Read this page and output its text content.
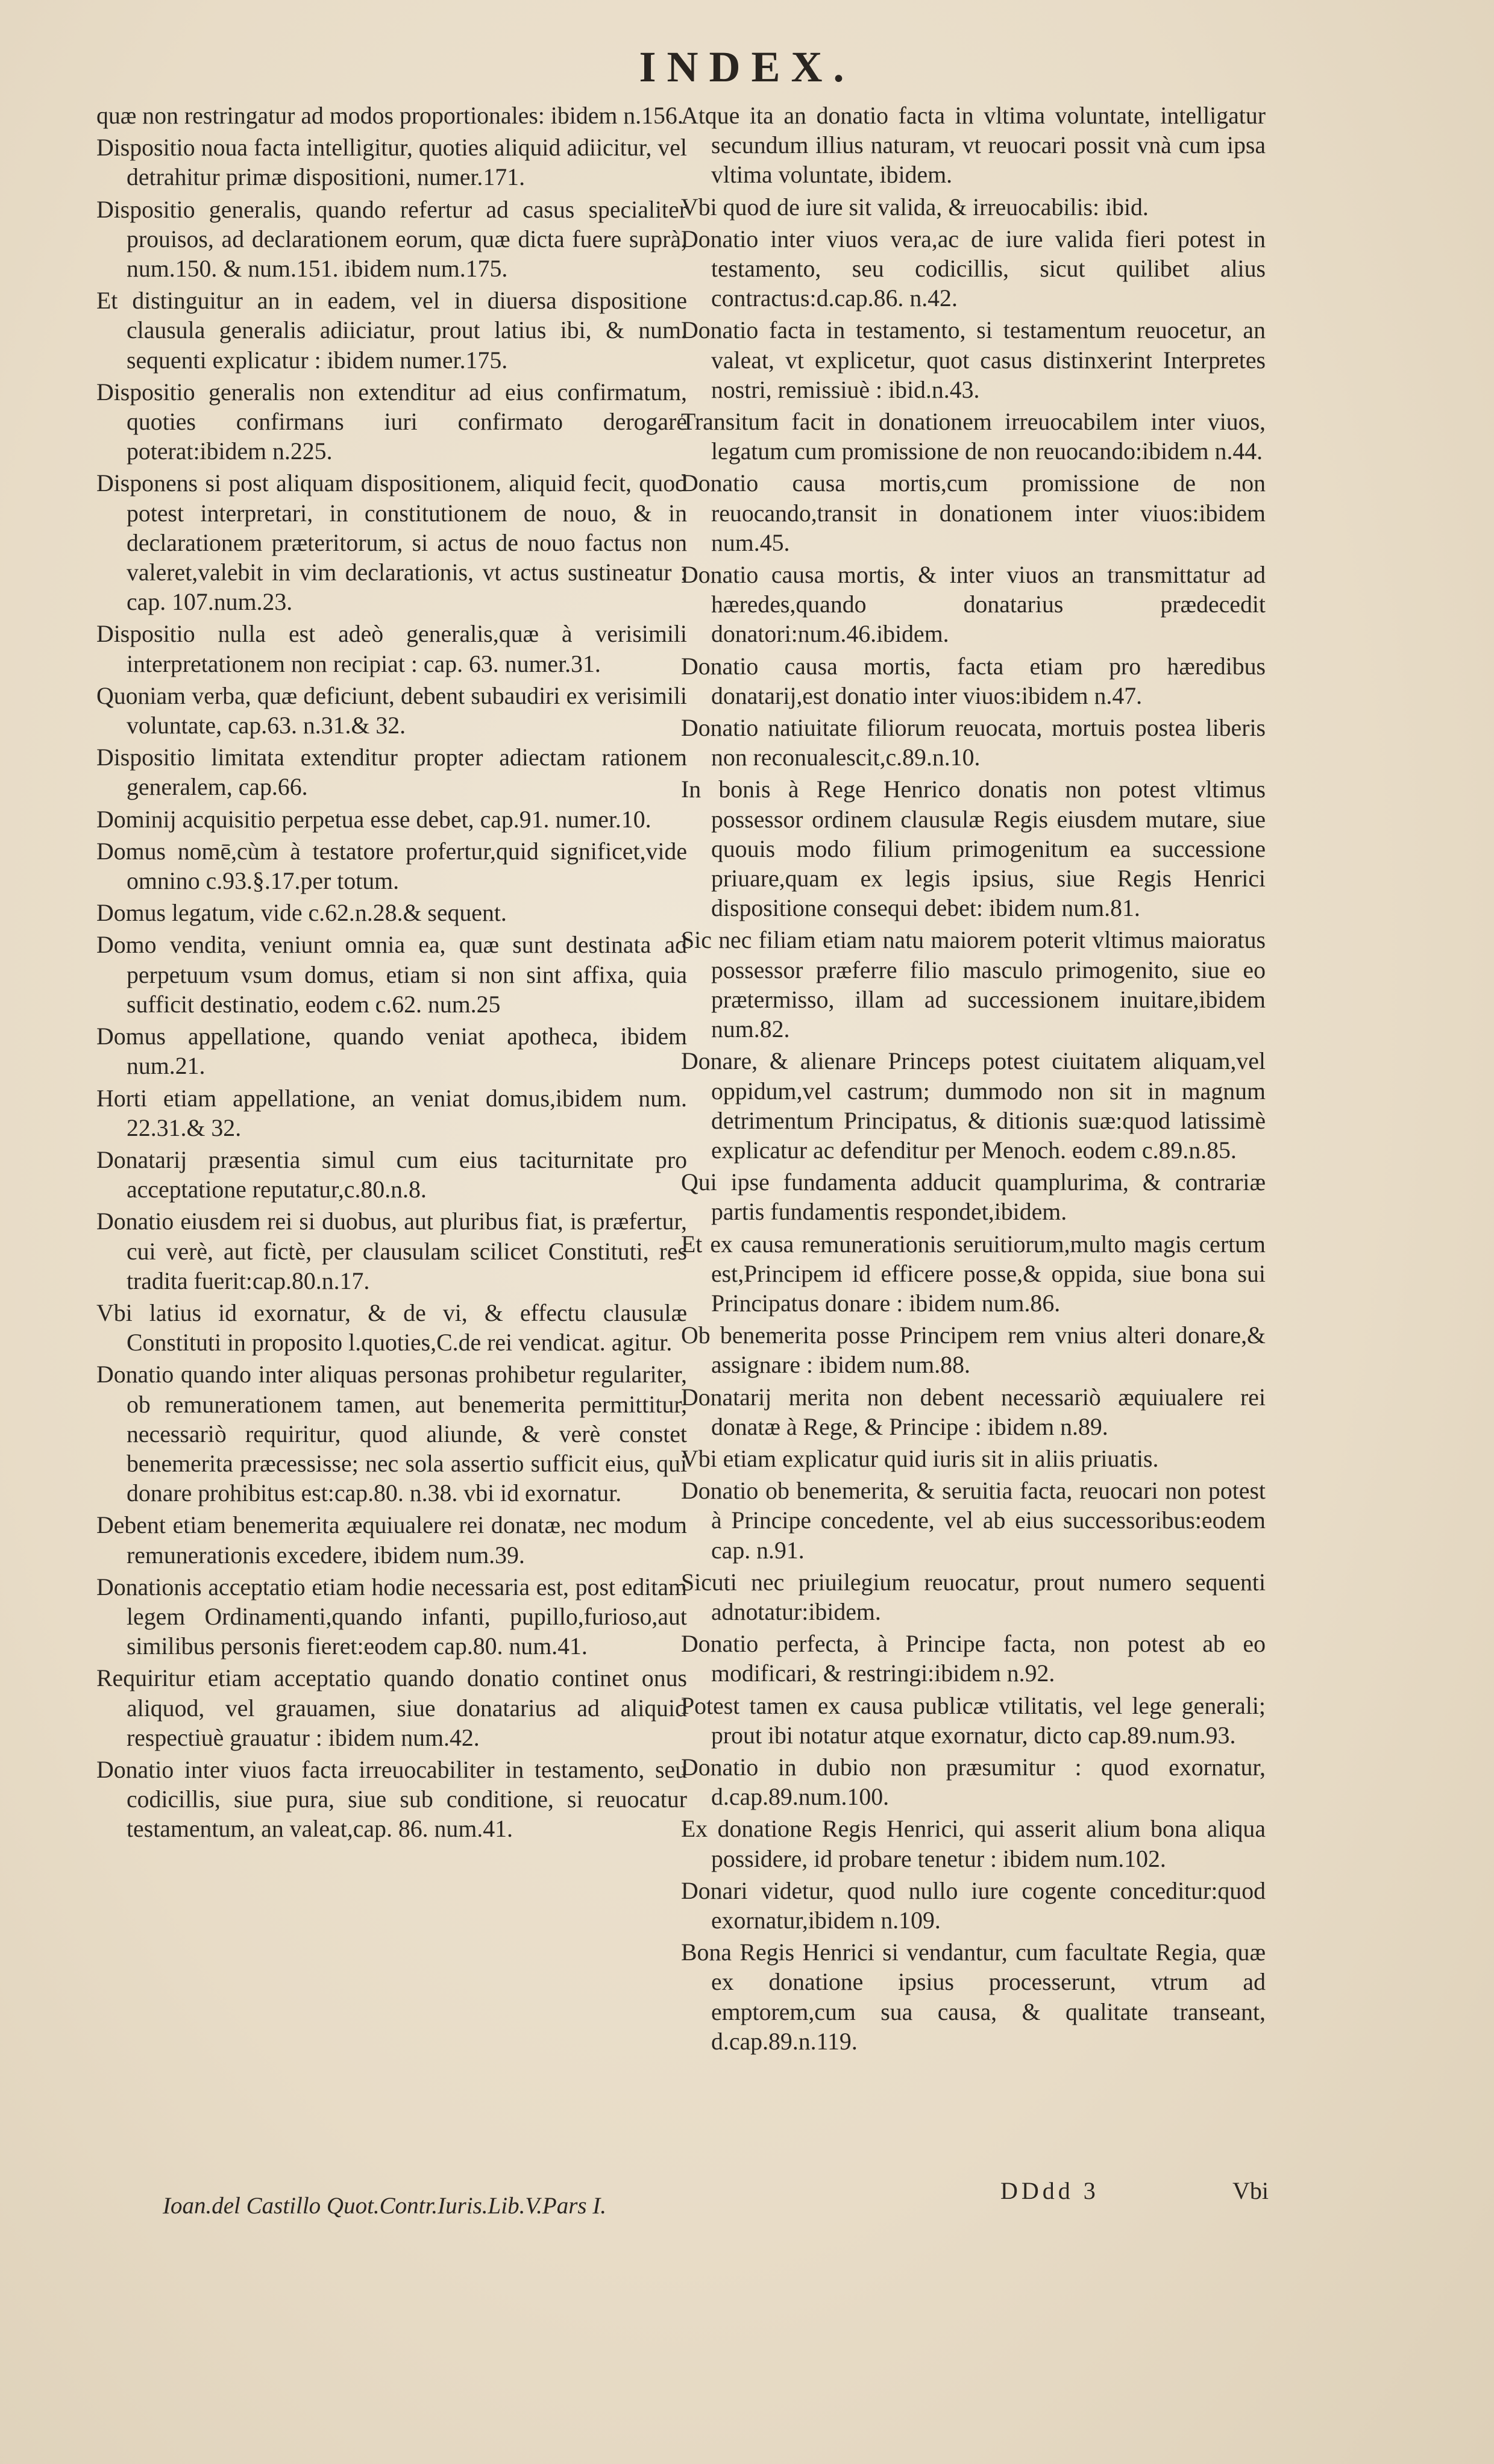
INDEX.

quæ non restringatur ad modos proportionales: ibidem n.156.

Dispositio noua facta intelligitur, quoties aliquid adiicitur, vel detrahitur primæ dispositioni, numer.171.

Dispositio generalis, quando refertur ad casus specialiter prouisos, ad declarationem eorum, quæ dicta fuere suprà, num.150. & num.151. ibidem num.175.

Et distinguitur an in eadem, vel in diuersa dispositione clausula generalis adiiciatur, prout latius ibi, & num. sequenti explicatur : ibidem numer.175.

Dispositio generalis non extenditur ad eius confirmatum, quoties confirmans iuri confirmato derogare poterat:ibidem n.225.

Disponens si post aliquam dispositionem, aliquid fecit, quod potest interpretari, in constitutionem de nouo, & in declarationem præteritorum, si actus de nouo factus non valeret,valebit in vim declarationis, vt actus sustineatur : cap. 107.num.23.

Dispositio nulla est adeò generalis,quæ à verisimili interpretationem non recipiat : cap. 63. numer.31.

Quoniam verba, quæ deficiunt, debent subaudiri ex verisimili voluntate, cap.63. n.31.& 32.

Dispositio limitata extenditur propter adiectam rationem generalem, cap.66.

Dominij acquisitio perpetua esse debet, cap.91. numer.10.

Domus nomē,cùm à testatore profertur,quid significet,vide omnino c.93.§.17.per totum.

Domus legatum, vide c.62.n.28.& sequent.

Domo vendita, veniunt omnia ea, quæ sunt destinata ad perpetuum vsum domus, etiam si non sint affixa, quia sufficit destinatio, eodem c.62. num.25

Domus appellatione, quando veniat apotheca, ibidem num.21.

Horti etiam appellatione, an veniat domus,ibidem num. 22.31.& 32.

Donatarij præsentia simul cum eius taciturnitate pro acceptatione reputatur,c.80.n.8.

Donatio eiusdem rei si duobus, aut pluribus fiat, is præfertur, cui verè, aut fictè, per clausulam scilicet Constituti, res tradita fuerit:cap.80.n.17.

Vbi latius id exornatur, & de vi, & effectu clausulæ Constituti in proposito l.quoties,C.de rei vendicat. agitur.

Donatio quando inter aliquas personas prohibetur regulariter, ob remunerationem tamen, aut benemerita permittitur, necessariò requiritur, quod aliunde, & verè constet benemerita præcessisse; nec sola assertio sufficit eius, qui donare prohibitus est:cap.80. n.38. vbi id exornatur.

Debent etiam benemerita æquiualere rei donatæ, nec modum remunerationis excedere, ibidem num.39.

Donationis acceptatio etiam hodie necessaria est, post editam legem Ordinamenti,quando infanti, pupillo,furioso,aut similibus personis fieret:eodem cap.80. num.41.

Requiritur etiam acceptatio quando donatio continet onus aliquod, vel grauamen, siue donatarius ad aliquid respectiuè grauatur : ibidem num.42.

Donatio inter viuos facta irreuocabiliter in testamento, seu codicillis, siue pura, siue sub conditione, si reuocatur testamentum, an valeat,cap. 86. num.41.

Atque ita an donatio facta in vltima voluntate, intelligatur secundum illius naturam, vt reuocari possit vnà cum ipsa vltima voluntate, ibidem.

Vbi quod de iure sit valida, & irreuocabilis: ibid.

Donatio inter viuos vera,ac de iure valida fieri potest in testamento, seu codicillis, sicut quilibet alius contractus:d.cap.86. n.42.

Donatio facta in testamento, si testamentum reuocetur, an valeat, vt explicetur, quot casus distinxerint Interpretes nostri, remissiuè : ibid.n.43.

Transitum facit in donationem irreuocabilem inter viuos, legatum cum promissione de non reuocando:ibidem n.44.

Donatio causa mortis,cum promissione de non reuocando,transit in donationem inter viuos:ibidem num.45.

Donatio causa mortis, & inter viuos an transmittatur ad hæredes,quando donatarius prædecedit donatori:num.46.ibidem.

Donatio causa mortis, facta etiam pro hæredibus donatarij,est donatio inter viuos:ibidem n.47.

Donatio natiuitate filiorum reuocata, mortuis postea liberis non reconualescit,c.89.n.10.

In bonis à Rege Henrico donatis non potest vltimus possessor ordinem clausulæ Regis eiusdem mutare, siue quouis modo filium primogenitum ea successione priuare,quam ex legis ipsius, siue Regis Henrici dispositione consequi debet: ibidem num.81.

Sic nec filiam etiam natu maiorem poterit vltimus maioratus possessor præferre filio masculo primogenito, siue eo prætermisso, illam ad successionem inuitare,ibidem num.82.

Donare, & alienare Princeps potest ciuitatem aliquam,vel oppidum,vel castrum; dummodo non sit in magnum detrimentum Principatus, & ditionis suæ:quod latissimè explicatur ac defenditur per Menoch. eodem c.89.n.85.

Qui ipse fundamenta adducit quamplurima, & contrariæ partis fundamentis respondet,ibidem.

Et ex causa remunerationis seruitiorum,multo magis certum est,Principem id efficere posse,& oppida, siue bona sui Principatus donare : ibidem num.86.

Ob benemerita posse Principem rem vnius alteri donare,& assignare : ibidem num.88.

Donatarij merita non debent necessariò æquiualere rei donatæ à Rege, & Principe : ibidem n.89.

Vbi etiam explicatur quid iuris sit in aliis priuatis.

Donatio ob benemerita, & seruitia facta, reuocari non potest à Principe concedente, vel ab eius successoribus:eodem cap. n.91.

Sicuti nec priuilegium reuocatur, prout numero sequenti adnotatur:ibidem.

Donatio perfecta, à Principe facta, non potest ab eo modificari, & restringi:ibidem n.92.

Potest tamen ex causa publicæ vtilitatis, vel lege generali; prout ibi notatur atque exornatur, dicto cap.89.num.93.

Donatio in dubio non præsumitur : quod exornatur, d.cap.89.num.100.

Ex donatione Regis Henrici, qui asserit alium bona aliqua possidere, id probare tenetur : ibidem num.102.

Donari videtur, quod nullo iure cogente conceditur:quod exornatur,ibidem n.109.

Bona Regis Henrici si vendantur, cum facultate Regia, quæ ex donatione ipsius processerunt, vtrum ad emptorem,cum sua causa, & qualitate transeant, d.cap.89.n.119.

Ioan.del Castillo Quot.Contr.Iuris.Lib.V.Pars I.
DDdd 3	Vbi
